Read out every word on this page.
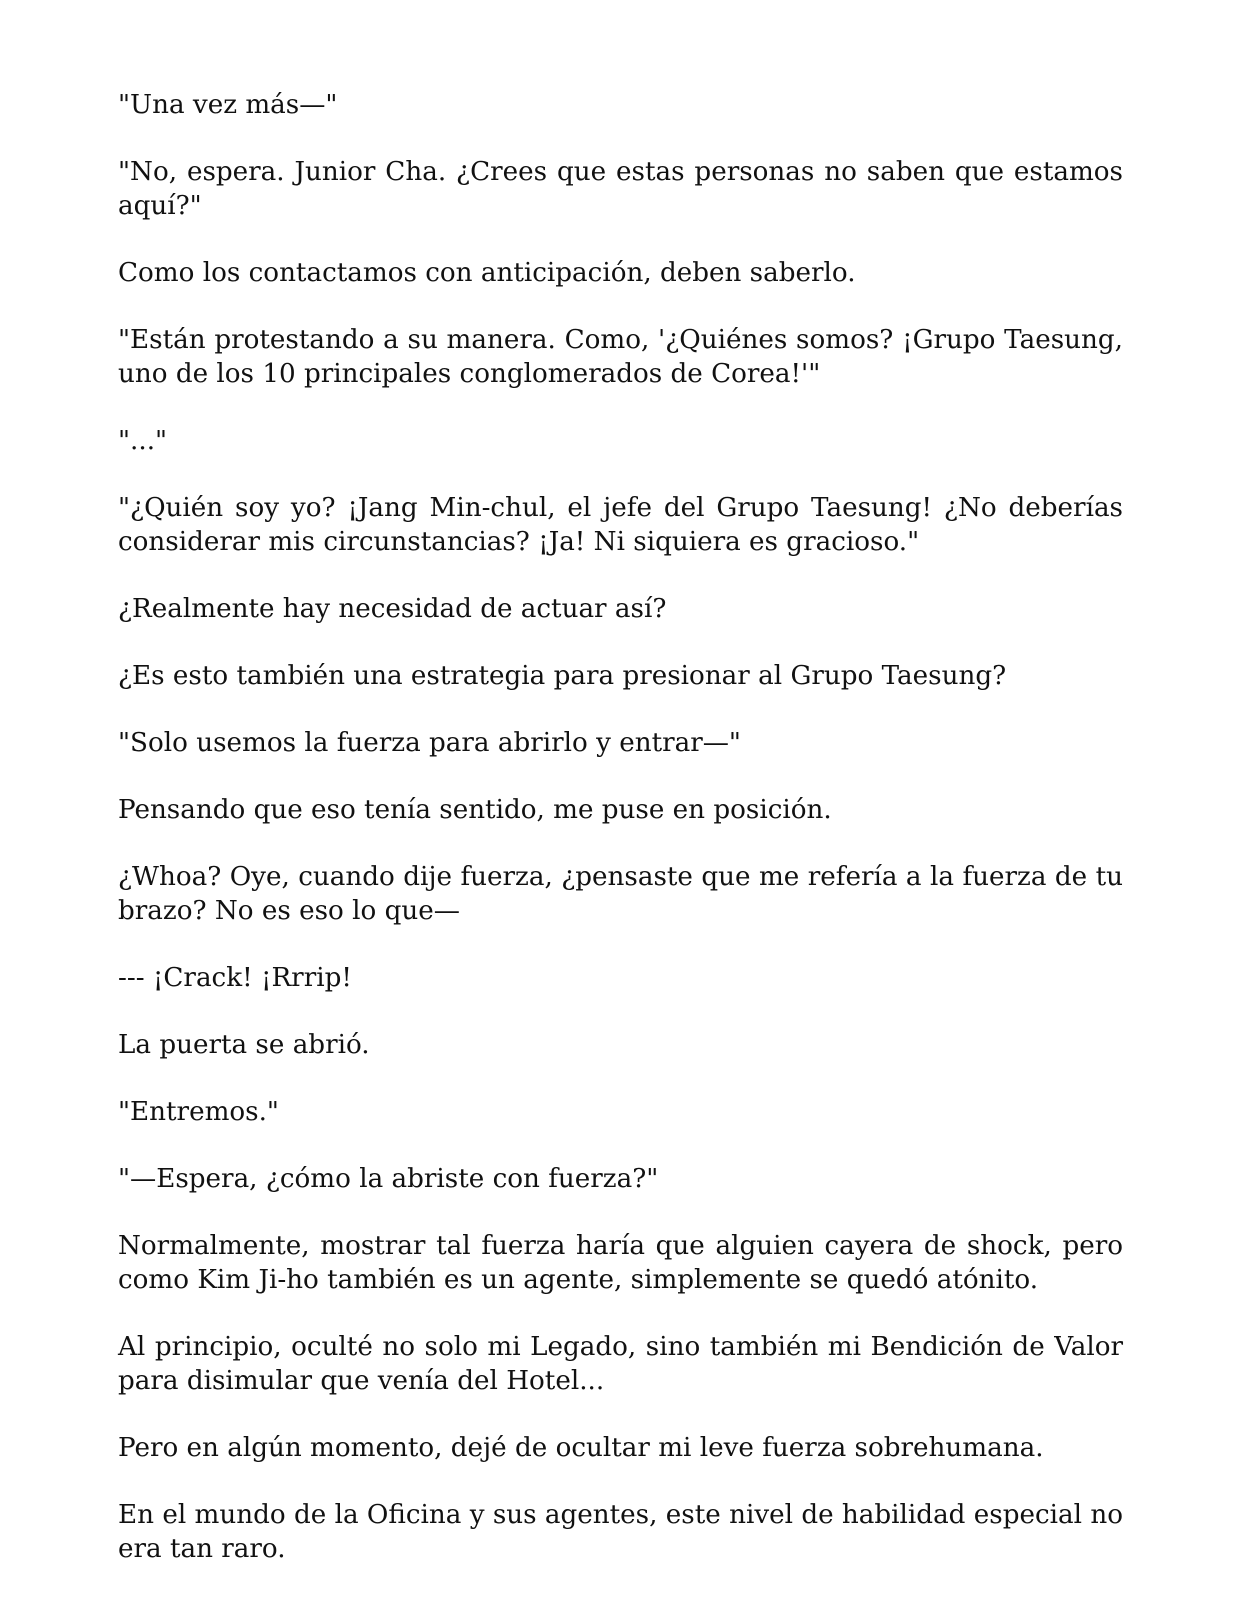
"Una vez más—"

"No, espera. Junior Cha. ¿Crees que estas personas no saben que estamos aquí?"

Como los contactamos con anticipación, deben saberlo.

"Están protestando a su manera. Como, '¿Quiénes somos? ¡Grupo Taesung, uno de los 10 principales conglomerados de Corea!'"

"..."

"¿Quién soy yo? ¡Jang Min-chul, el jefe del Grupo Taesung! ¿No deberías considerar mis circunstancias? ¡Ja! Ni siquiera es gracioso."

¿Realmente hay necesidad de actuar así?

¿Es esto también una estrategia para presionar al Grupo Taesung?

"Solo usemos la fuerza para abrirlo y entrar—"

Pensando que eso tenía sentido, me puse en posición.

¿Whoa? Oye, cuando dije fuerza, ¿pensaste que me refería a la fuerza de tu brazo? No es eso lo que—

--- ¡Crack! ¡Rrrip!

La puerta se abrió.

"Entremos."

"—Espera, ¿cómo la abriste con fuerza?"

Normalmente, mostrar tal fuerza haría que alguien cayera de shock, pero como Kim Ji-ho también es un agente, simplemente se quedó atónito.

Al principio, oculté no solo mi Legado, sino también mi Bendición de Valor para disimular que venía del Hotel...

Pero en algún momento, dejé de ocultar mi leve fuerza sobrehumana.

En el mundo de la Oficina y sus agentes, este nivel de habilidad especial no era tan raro.
